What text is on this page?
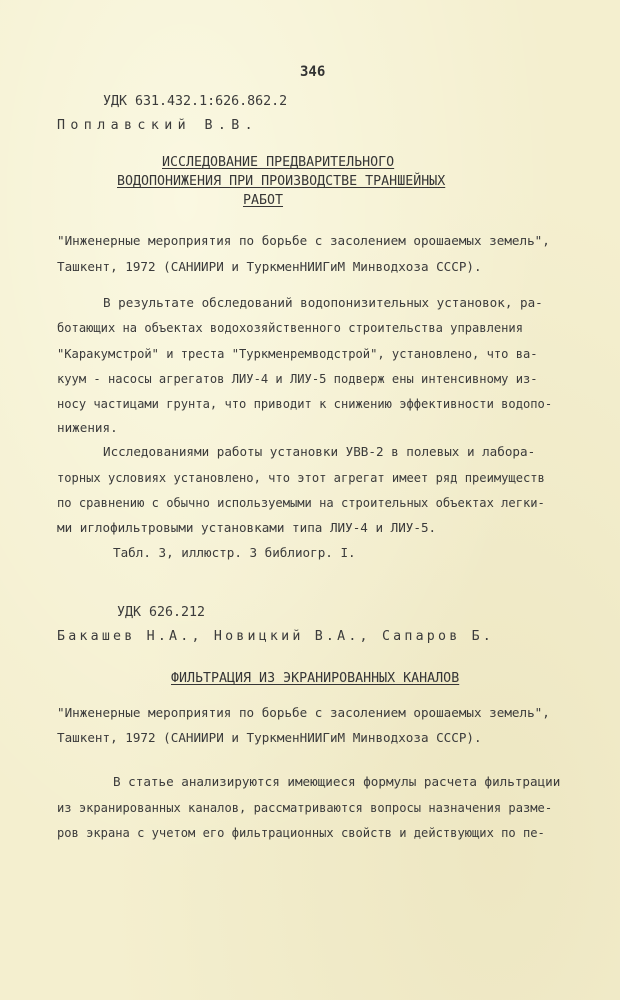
346
УДК 631.432.1:626.862.2
Поплавский В.В.
ИССЛЕДОВАНИЕ ПРЕДВАРИТЕЛЬНОГО
ВОДОПОНИЖЕНИЯ ПРИ ПРОИЗВОДСТВЕ ТРАНШЕЙНЫХ
РАБОТ
"Инженерные мероприятия по борьбе с засолением орошаемых земель",
Ташкент, 1972 (САНИИРИ и ТуркменНИИГиМ Минводхоза СССР).
В результате обследований водопонизительных установок, ра-
ботающих на объектах водохозяйственного строительства управления
"Каракумстрой" и треста "Туркменремводстрой", установлено, что ва-
куум - насосы агрегатов ЛИУ-4 и ЛИУ-5 подверж ены интенсивному из-
носу частицами грунта, что приводит к снижению эффективности водопо-
нижения.
Исследованиями работы установки УВВ-2 в полевых и лабора-
торных условиях установлено, что этот агрегат имеет ряд преимуществ
по сравнению с обычно используемыми на строительных объектах легки-
ми иглофильтровыми установками типа ЛИУ-4 и ЛИУ-5.
Табл. 3, иллюстр. 3 библиогр. I.
УДК 626.212
Бакашев Н.А., Новицкий В.А., Сапаров Б.
ФИЛЬТРАЦИЯ ИЗ ЭКРАНИРОВАННЫХ КАНАЛОВ
"Инженерные мероприятия по борьбе с засолением орошаемых земель",
Ташкент, 1972 (САНИИРИ и ТуркменНИИГиМ Минводхоза СССР).
В статье анализируются имеющиеся формулы расчета фильтрации
из экранированных каналов, рассматриваются вопросы назначения разме-
ров экрана с учетом его фильтрационных свойств и действующих по пе-
